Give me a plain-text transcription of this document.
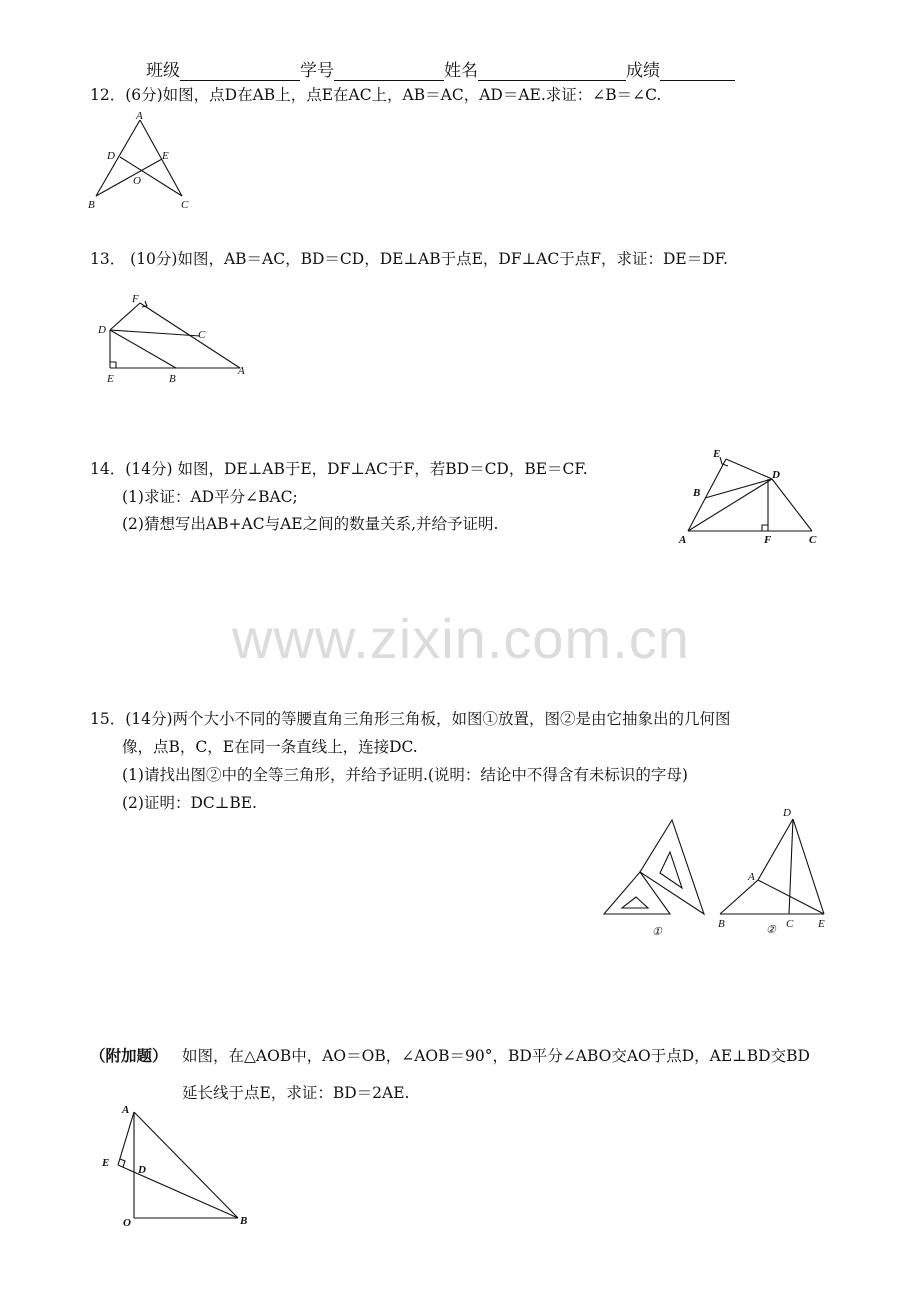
班级	学号	姓名	成绩
12．(6分)如图，点D在AB上，点E在AC上，AB＝AC，AD＝AE.求证：∠B＝∠C.
A
B	C
D	E
O
13． (10分)如图，AB＝AC，BD＝CD，DE⊥AB于点E，DF⊥AC于点F，求证：DE＝DF.
F
D	C
E	B
A
14．(14分) 如图，DE⊥AB于E，DF⊥AC于F，若BD＝CD，BE＝CF.
(1)求证：AD平分∠BAC;
(2)猜想写出AB+AC与AE之间的数量关系,并给予证明.
E
D
B
A	F	C
www.zixin.com.cn
15．(14分)两个大小不同的等腰直角三角形三角板，如图①放置，图②是由它抽象出的几何图
像，点B，C，E在同一条直线上，连接DC.
(1)请找出图②中的全等三角形，并给予证明.(说明：结论中不得含有未标识的字母)
(2)证明：DC⊥BE.
①
D
A
B	C E
②
（附加题） 如图，在△AOB中，AO＝OB，∠AOB＝90°，BD平分∠ABO交AO于点D，AE⊥BD交BD
延长线于点E，求证：BD＝2AE.
A
E
D
O	B
